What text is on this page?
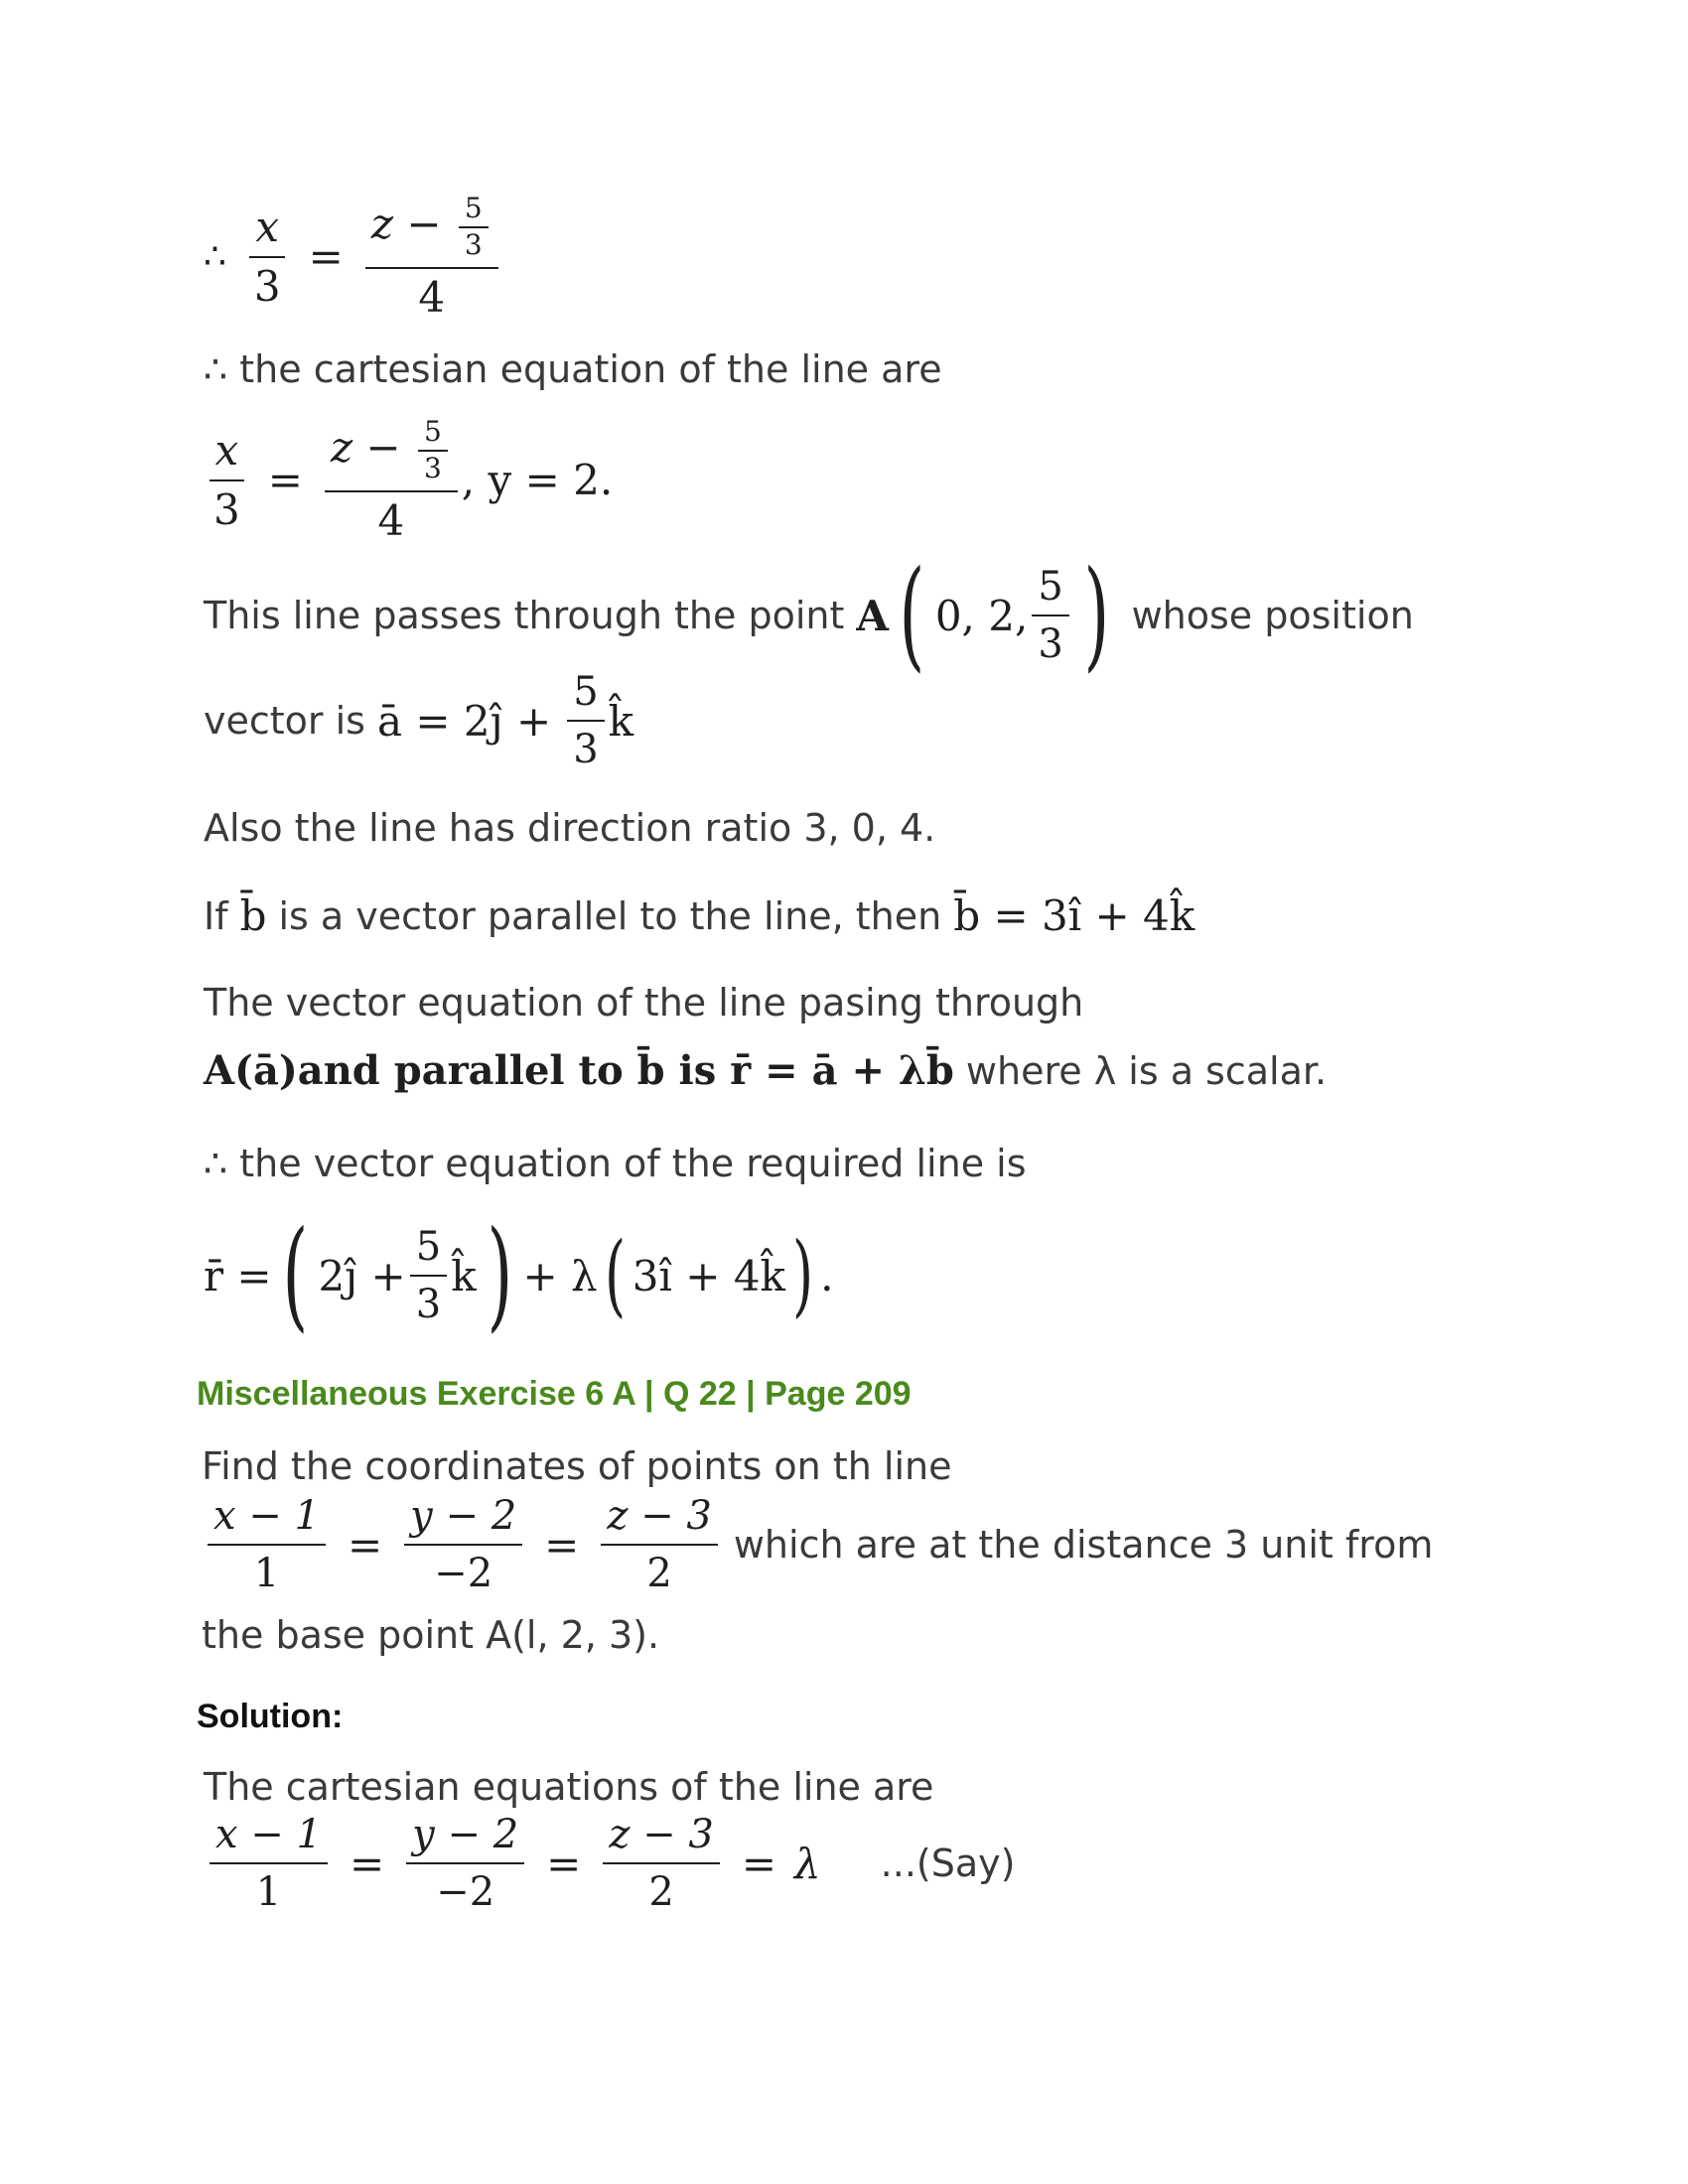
∴ $\frac{x}{3} = \frac{z - \frac{5}{3}}{4}$
∴ the cartesian equation of the line are
$\frac{x}{3} = \frac{z - \frac{5}{3}}{4}$ , y = 2.
This line passes through the point A ( 0, 2, $\frac{5}{3}$ ) whose position
vector is ā = 2ĵ + $\frac{5}{3}$ k̂
Also the line has direction ratio 3, 0, 4.
If b̄ is a vector parallel to the line, then b̄ = 3î + 4k̂
The vector equation of the line pasing through
A(ā)and parallel to b̄ is r̄ = ā + λb̄ where λ is a scalar.
∴ the vector equation of the required line is
r̄ = ( 2ĵ + $\frac{5}{3}$ k̂ ) + λ ( 3î + 4k̂ ) .
Miscellaneous Exercise 6 A | Q 22 | Page 209
Find the coordinates of points on th line
$\frac{x - 1}{1} = \frac{y - 2}{-2} = \frac{z - 3}{2}$ which are at the distance 3 unit from
the base point A(l, 2, 3).
Solution:
The cartesian equations of the line are
$\frac{x - 1}{1} = \frac{y - 2}{-2} = \frac{z - 3}{2} = \lambda$ ...(Say)
